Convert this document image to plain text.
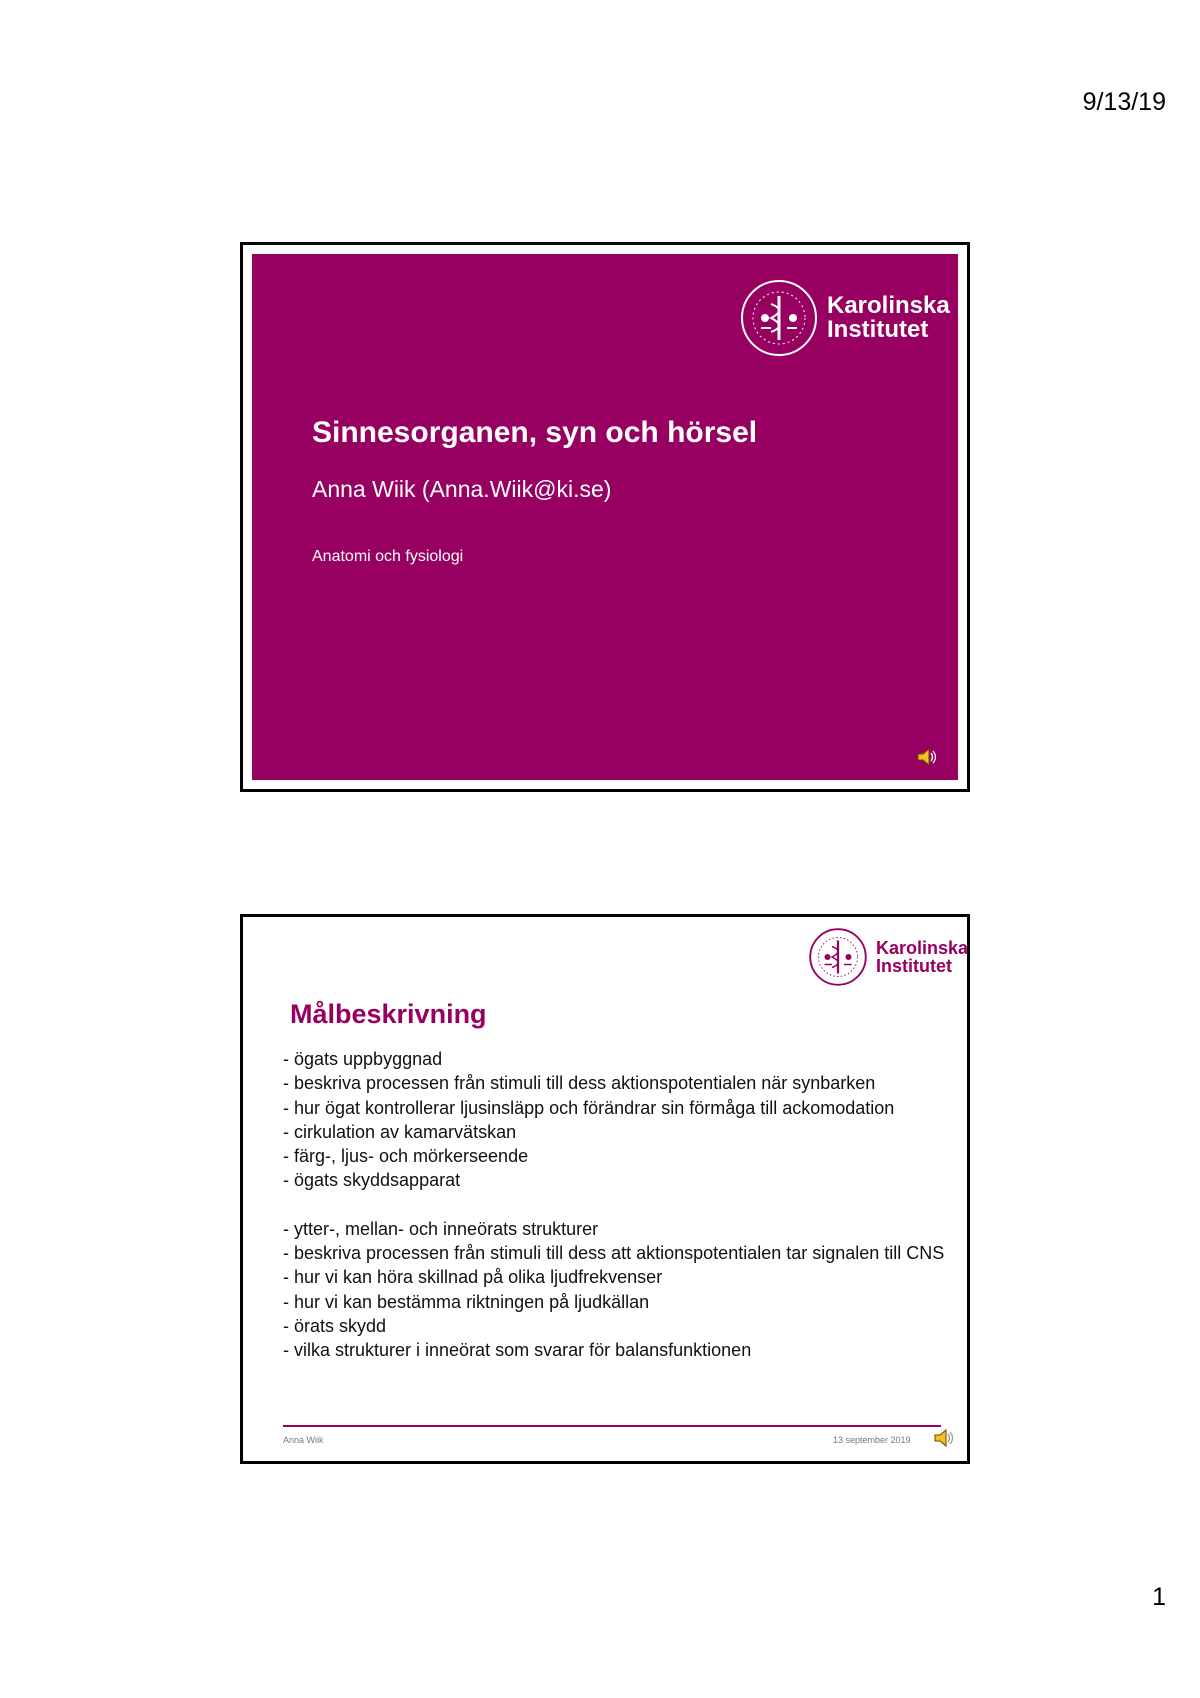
9/13/19
Karolinska
Institutet
Sinnesorganen, syn och hörsel
Anna Wiik (Anna.Wiik@ki.se)
Anatomi och fysiologi
Karolinska
Institutet
Målbeskrivning
- ögats uppbyggnad
- beskriva processen från stimuli till dess aktionspotentialen när synbarken
- hur ögat kontrollerar ljusinsläpp och förändrar sin förmåga till ackomodation
- cirkulation av kamarvätskan
- färg-, ljus- och mörkerseende
- ögats skyddsapparat
- ytter-, mellan- och inneörats strukturer
- beskriva processen från stimuli till dess att aktionspotentialen tar signalen till CNS
- hur vi kan höra skillnad på olika ljudfrekvenser
- hur vi kan bestämma riktningen på ljudkällan
- örats skydd
- vilka strukturer i inneörat som svarar för balansfunktionen
Anna Wiik	13 september 2019
1
